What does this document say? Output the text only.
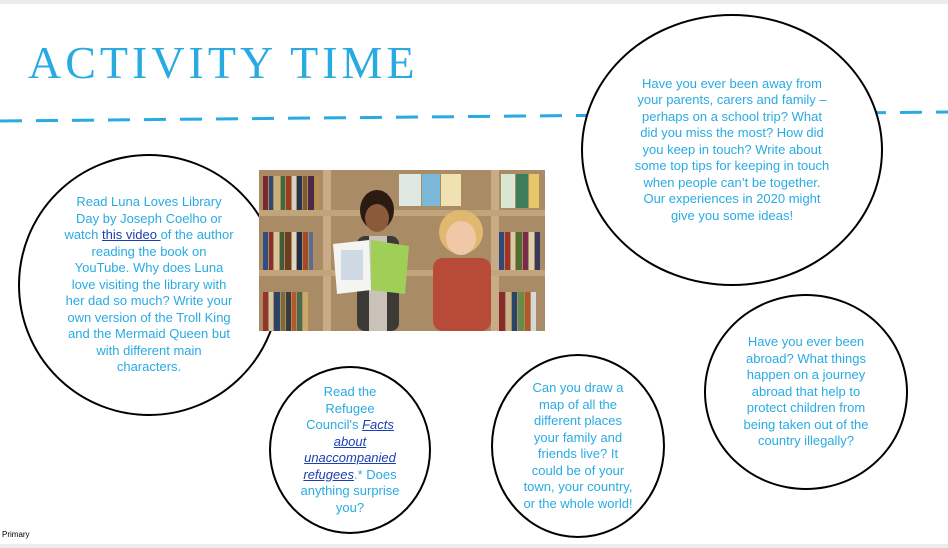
ACTIVITY TIME
Read Luna Loves Library Day by Joseph Coelho or watch this video of the author reading the book on YouTube. Why does Luna love visiting the library with her dad so much? Write your own version of the Troll King and the Mermaid Queen but with different main characters.
Have you ever been away from your parents, carers and family – perhaps on a school trip? What did you miss the most? How did you keep in touch? Write about some top tips for keeping in touch when people can’t be together. Our experiences in 2020 might give you some ideas!
Read the Refugee Council's Facts about unaccompanied refugees.* Does anything surprise you?
Can you draw a map of all the different places your family and friends live? It could be of your town, your country, or the whole world!
Have you ever been abroad? What things happen on a journey abroad that help to protect children from being taken out of the country illegally?
Primary
